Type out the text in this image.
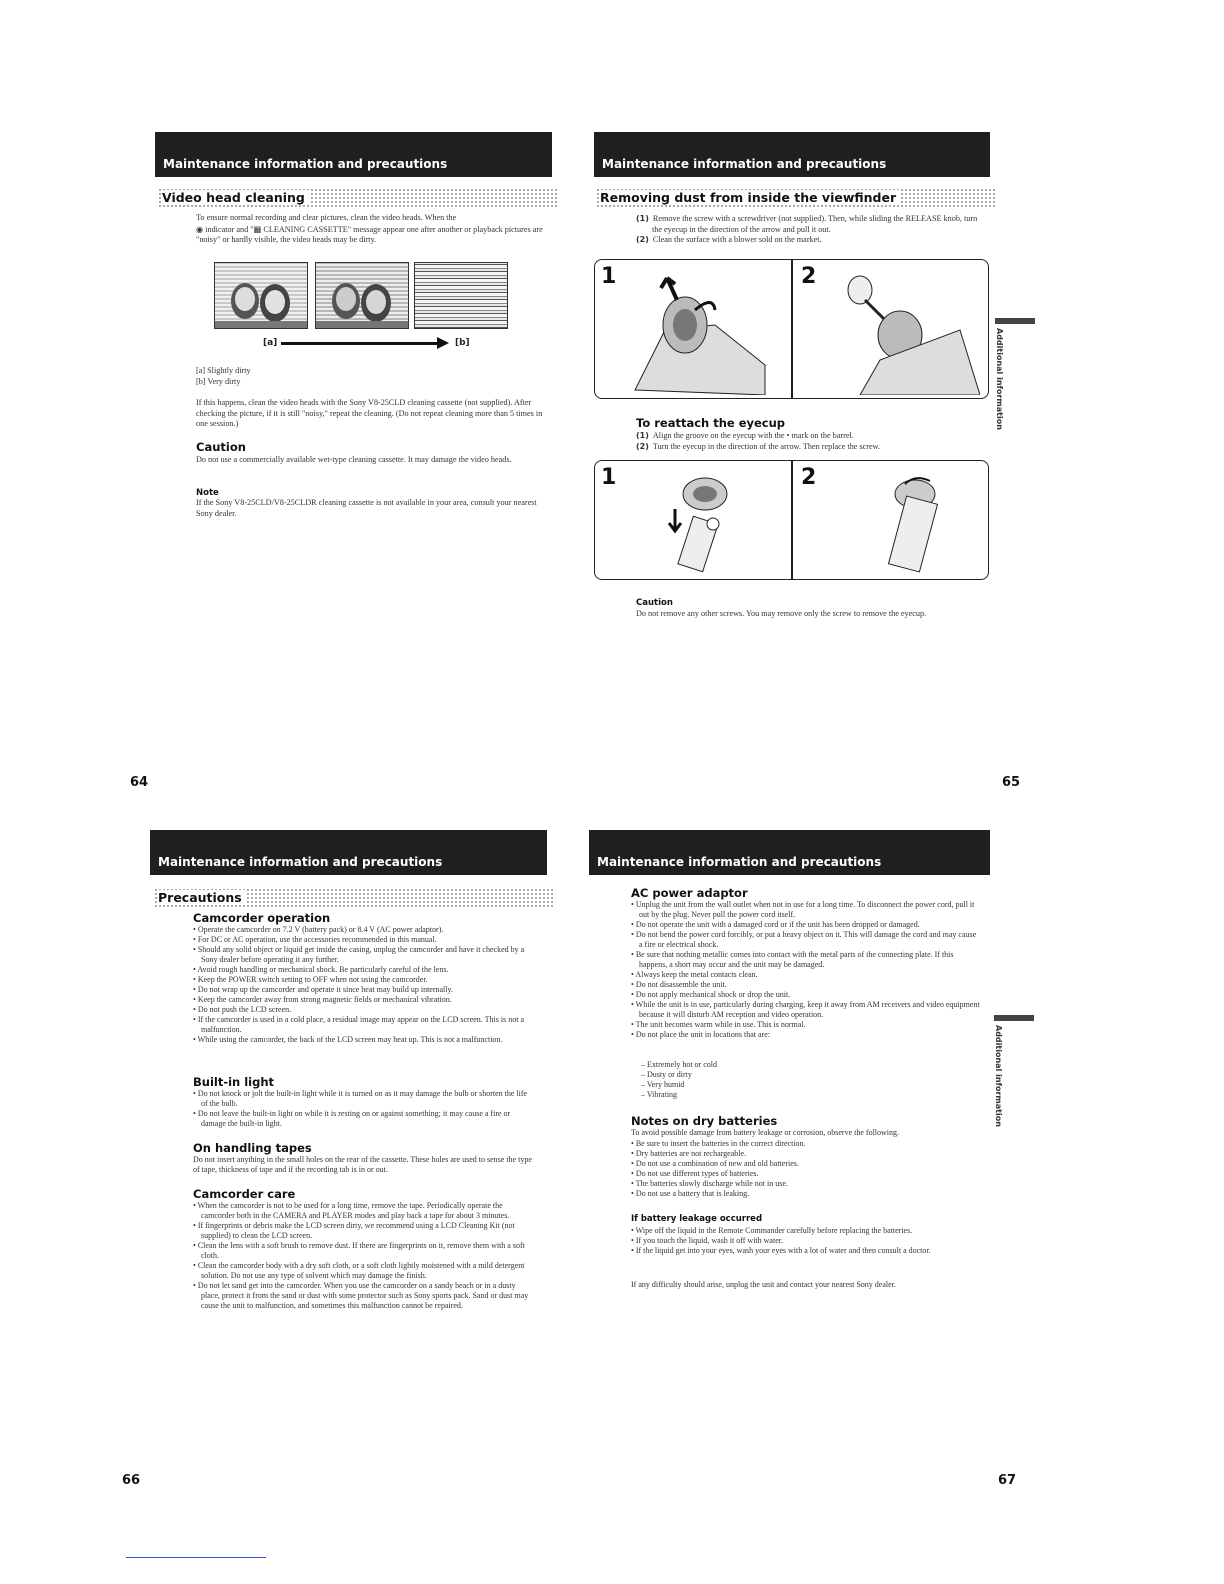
Maintenance information and precautions
Video head cleaning
To ensure normal recording and clear pictures, clean the video heads. When the
◉ indicator and "▦ CLEANING CASSETTE" message appear one after another or playback pictures are "noisy" or hardly visible, the video heads may be dirty.
[a]	[b]
[a] Slightly dirty
[b] Very dirty
If this happens, clean the video heads with the Sony V8-25CLD cleaning cassette (not supplied). After checking the picture, if it is still "noisy," repeat the cleaning. (Do not repeat cleaning more than 5 times in one session.)
Caution
Do not use a commercially available wet-type cleaning cassette. It may damage the video heads.
Note
If the Sony V8-25CLD/V8-25CLDR cleaning cassette is not available in your area, consult your nearest Sony dealer.
64
Maintenance information and precautions
Removing dust from inside the viewfinder
(1) Remove the screw with a screwdriver (not supplied). Then, while sliding the RELEASE knob, turn the eyecup in the direction of the arrow and pull it out.
(2) Clean the surface with a blower sold on the market.
1	2
To reattach the eyecup
(1) Align the groove on the eyecup with the • mark on the barrel.
(2) Turn the eyecup in the direction of the arrow. Then replace the screw.
1	2
Caution
Do not remove any other screws. You may remove only the screw to remove the eyecup.
Additional information
65
Maintenance information and precautions
Precautions
Camcorder operation
• Operate the camcorder on 7.2 V (battery pack) or 8.4 V (AC power adaptor).
• For DC or AC operation, use the accessories recommended in this manual.
• Should any solid object or liquid get inside the casing, unplug the camcorder and have it checked by a Sony dealer before operating it any further.
• Avoid rough handling or mechanical shock. Be particularly careful of the lens.
• Keep the POWER switch setting to OFF when not using the camcorder.
• Do not wrap up the camcorder and operate it since heat may build up internally.
• Keep the camcorder away from strong magnetic fields or mechanical vibration.
• Do not push the LCD screen.
• If the camcorder is used in a cold place, a residual image may appear on the LCD screen. This is not a malfunction.
• While using the camcorder, the back of the LCD screen may heat up. This is not a malfunction.
Built-in light
• Do not knock or jolt the built-in light while it is turned on as it may damage the bulb or shorten the life of the bulb.
• Do not leave the built-in light on while it is resting on or against something; it may cause a fire or damage the built-in light.
On handling tapes
Do not insert anything in the small holes on the rear of the cassette. These holes are used to sense the type of tape, thickness of tape and if the recording tab is in or out.
Camcorder care
• When the camcorder is not to be used for a long time, remove the tape. Periodically operate the camcorder both in the CAMERA and PLAYER modes and play back a tape for about 3 minutes.
• If fingerprints or debris make the LCD screen dirty, we recommend using a LCD Cleaning Kit (not supplied) to clean the LCD screen.
• Clean the lens with a soft brush to remove dust. If there are fingerprints on it, remove them with a soft cloth.
• Clean the camcorder body with a dry soft cloth, or a soft cloth lightly moistened with a mild detergent solution. Do not use any type of solvent which may damage the finish.
• Do not let sand get into the camcorder. When you use the camcorder on a sandy beach or in a dusty place, protect it from the sand or dust with some protector such as Sony sports pack. Sand or dust may cause the unit to malfunction, and sometimes this malfunction cannot be repaired.
66
Maintenance information and precautions
AC power adaptor
• Unplug the unit from the wall outlet when not in use for a long time. To disconnect the power cord, pull it out by the plug. Never pull the power cord itself.
• Do not operate the unit with a damaged cord or if the unit has been dropped or damaged.
• Do not bend the power cord forcibly, or put a heavy object on it. This will damage the cord and may cause a fire or electrical shock.
• Be sure that nothing metallic comes into contact with the metal parts of the connecting plate. If this happens, a short may occur and the unit may be damaged.
• Always keep the metal contacts clean.
• Do not disassemble the unit.
• Do not apply mechanical shock or drop the unit.
• While the unit is in use, particularly during charging, keep it away from AM receivers and video equipment because it will disturb AM reception and video operation.
• The unit becomes warm while in use. This is normal.
• Do not place the unit in locations that are:
– Extremely hot or cold
– Dusty or dirty
– Very humid
– Vibrating
Notes on dry batteries
To avoid possible damage from battery leakage or corrosion, observe the following.
• Be sure to insert the batteries in the correct direction.
• Dry batteries are not rechargeable.
• Do not use a combination of new and old batteries.
• Do not use different types of batteries.
• The batteries slowly discharge while not in use.
• Do not use a battery that is leaking.
If battery leakage occurred
• Wipe off the liquid in the Remote Commander carefully before replacing the batteries.
• If you touch the liquid, wash it off with water.
• If the liquid get into your eyes, wash your eyes with a lot of water and then consult a doctor.
If any difficulty should arise, unplug the unit and contact your nearest Sony dealer.
Additional information
67
